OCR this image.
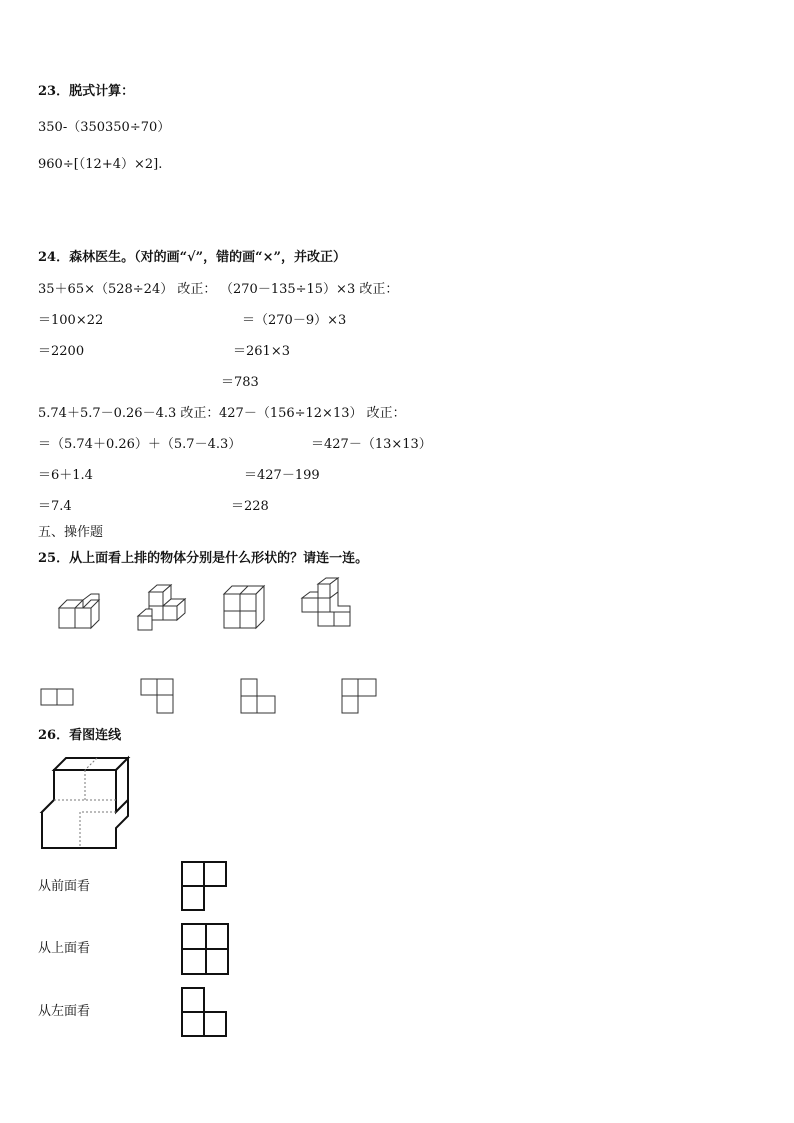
23．脱式计算：
350-（350350÷70）
960÷[（12+4）×2].
24．森林医生。（对的画“√”，错的画“×”，并改正）
35＋65×（528÷24） 改正： （270－135÷15）×3 改正：
＝100×22	＝（270－9）×3
＝2200	＝261×3
＝783
5.74＋5.7－0.26－4.3 改正： 427－（156÷12×13） 改正：
＝（5.74＋0.26）＋（5.7－4.3）	＝427－（13×13）
＝6＋1.4	＝427－199
＝7.4	＝228
五、操作题
25．从上面看上排的物体分别是什么形状的？请连一连。
26．看图连线
从前面看
从上面看
从左面看
